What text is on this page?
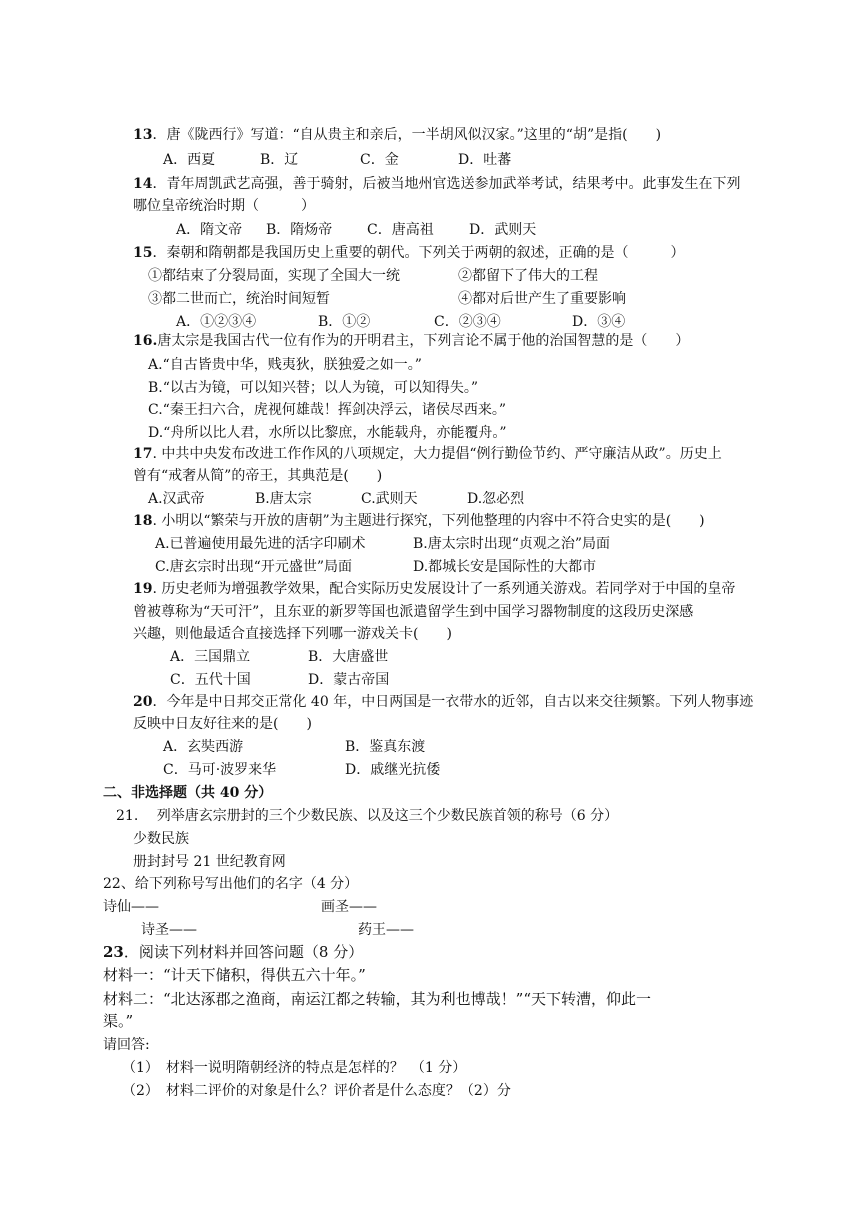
13．唐《陇西行》写道：“自从贵主和亲后，一半胡风似汉家。”这里的“胡”是指(　　)
A．西夏	B．辽	C．金	D．吐蕃
14．青年周凯武艺高强，善于骑射，后被当地州官选送参加武举考试，结果考中。此事发生在下列
哪位皇帝统治时期（　　　）
A．隋文帝 B．隋炀帝 C．唐高祖	D．武则天
15．秦朝和隋朝都是我国历史上重要的朝代。下列关于两朝的叙述，正确的是（　　　）
①都结束了分裂局面，实现了全国大一统	②都留下了伟大的工程
③都二世而亡，统治时间短暂	④都对后世产生了重要影响
A．①②③④	B．①②	C．②③④	D．③④
16.唐太宗是我国古代一位有作为的开明君主，下列言论不属于他的治国智慧的是（　　）
A.“自古皆贵中华，贱夷狄，朕独爱之如一。”
B.“以古为镜，可以知兴替；以人为镜，可以知得失。”
C.“秦王扫六合，虎视何雄哉！挥剑决浮云，诸侯尽西来。”
D.“舟所以比人君，水所以比黎庶，水能载舟，亦能覆舟。”
17. 中共中央发布改进工作作风的八项规定，大力提倡“例行勤俭节约、严守廉洁从政”。历史上
曾有“戒奢从简”的帝王，其典范是(　　)
A.汉武帝	B.唐太宗	C.武则天	D.忽必烈
18. 小明以“繁荣与开放的唐朝”为主题进行探究，下列他整理的内容中不符合史实的是(　　)
A.已普遍使用最先进的活字印刷术	B.唐太宗时出现“贞观之治”局面
C.唐玄宗时出现“开元盛世”局面	D.都城长安是国际性的大都市
19. 历史老师为增强教学效果，配合实际历史发展设计了一系列通关游戏。若同学对于中国的皇帝
曾被尊称为“天可汗”，且东亚的新罗等国也派遣留学生到中国学习器物制度的这段历史深感
兴趣，则他最适合直接选择下列哪一游戏关卡(　　)
A．三国鼎立	B．大唐盛世
C．五代十国	D．蒙古帝国
20．今年是中日邦交正常化 40 年，中日两国是一衣带水的近邻，自古以来交往频繁。下列人物事迹
反映中日友好往来的是(　　)
A．玄奘西游	B．鉴真东渡
C．马可·波罗来华	D．戚继光抗倭
二、非选择题（共 40 分）
21.　 列举唐玄宗册封的三个少数民族、以及这三个少数民族首领的称号（6 分）
少数民族
册封封号 21 世纪教育网
22、给下列称号写出他们的名字（4 分）
诗仙——	画圣——
诗圣——	药王——
23．阅读下列材料并回答问题（8 分）
材料一：“计天下储积，得供五六十年。”
材料二：“北达涿郡之渔商，南运江都之转输，其为利也博哉！”“天下转漕，仰此一
渠。”
请回答:
（1）　材料一说明隋朝经济的特点是怎样的？　（1 分）
（2）　材料二评价的对象是什么？评价者是什么态度？（2）分
